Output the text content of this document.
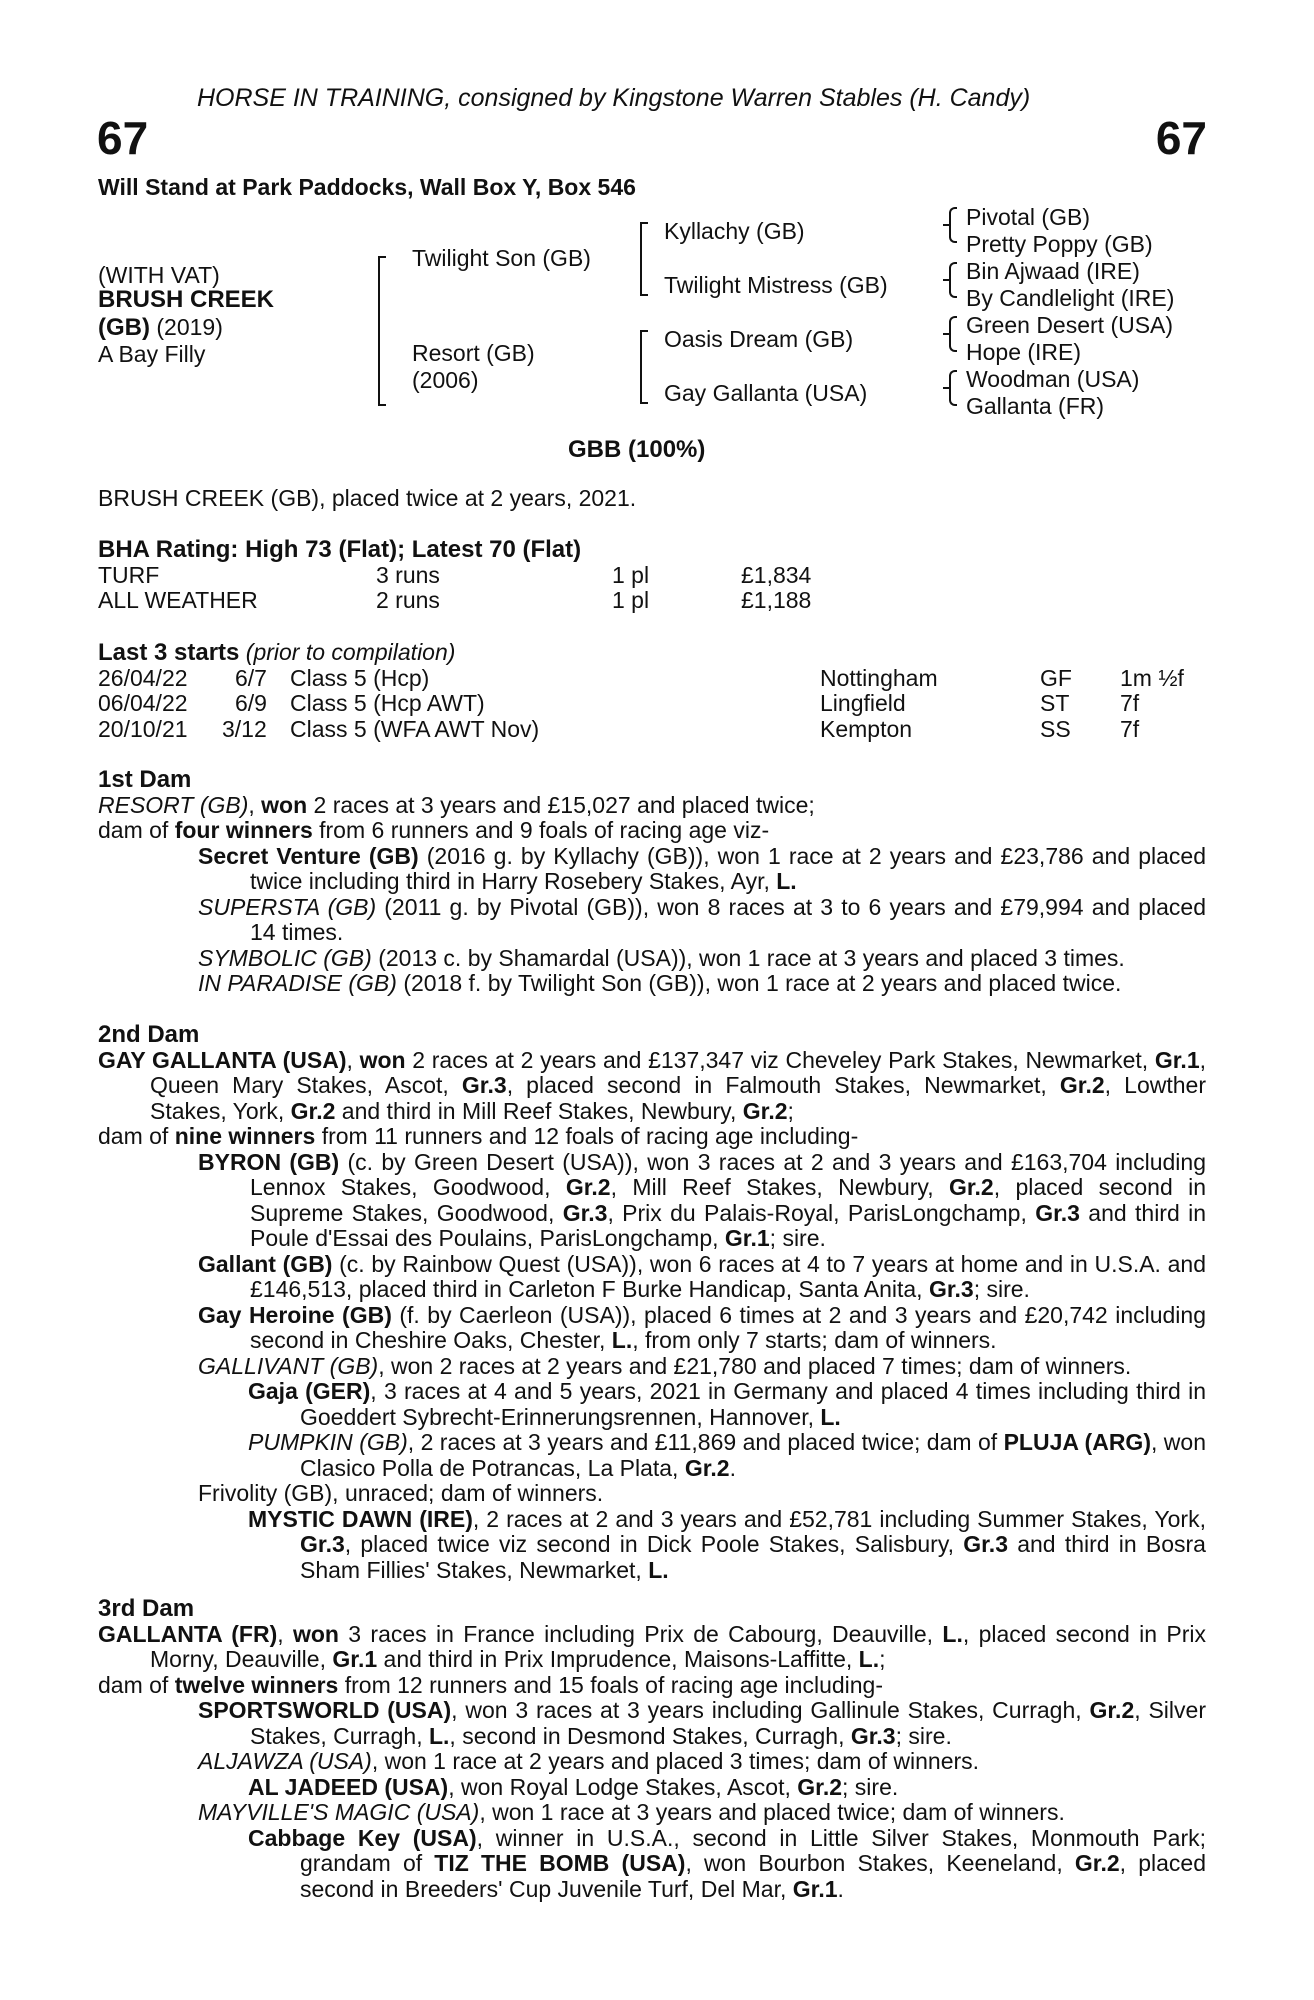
HORSE IN TRAINING, consigned by Kingstone Warren Stables (H. Candy)
67	67
Will Stand at Park Paddocks, Wall Box Y, Box 546
(WITH VAT)
BRUSH CREEK
(GB) (2019)
A Bay Filly
Twilight Son (GB)
Resort (GB)
(2006)
Kyllachy (GB)
Twilight Mistress (GB)
Oasis Dream (GB)
Gay Gallanta (USA)
Pivotal (GB)
Pretty Poppy (GB)
Bin Ajwaad (IRE)
By Candlelight (IRE)
Green Desert (USA)
Hope (IRE)
Woodman (USA)
Gallanta (FR)
GBB (100%)
BRUSH CREEK (GB), placed twice at 2 years, 2021.
BHA Rating: High 73 (Flat); Latest 70 (Flat)
TURF	3 runs	1 pl	£1,834
ALL WEATHER	2 runs	1 pl	£1,188
Last 3 starts (prior to compilation)
26/04/22 6/7 Class 5 (Hcp)	Nottingham	GF 1m ½f
06/04/22 6/9 Class 5 (Hcp AWT)	Lingfield	ST 7f
20/10/21 3/12 Class 5 (WFA AWT Nov)	Kempton	SS 7f
1st Dam

RESORT (GB), won 2 races at 3 years and £15,027 and placed twice;

dam of four winners from 6 runners and 9 foals of racing age viz-

Secret Venture (GB) (2016 g. by Kyllachy (GB)), won 1 race at 2 years and £23,786 and placed twice including third in Harry Rosebery Stakes, Ayr, L.

SUPERSTA (GB) (2011 g. by Pivotal (GB)), won 8 races at 3 to 6 years and £79,994 and placed 14 times.

SYMBOLIC (GB) (2013 c. by Shamardal (USA)), won 1 race at 3 years and placed 3 times.

IN PARADISE (GB) (2018 f. by Twilight Son (GB)), won 1 race at 2 years and placed twice.

2nd Dam

GAY GALLANTA (USA), won 2 races at 2 years and £137,347 viz Cheveley Park Stakes, Newmarket, Gr.1, Queen Mary Stakes, Ascot, Gr.3, placed second in Falmouth Stakes, Newmarket, Gr.2, Lowther Stakes, York, Gr.2 and third in Mill Reef Stakes, Newbury, Gr.2;

dam of nine winners from 11 runners and 12 foals of racing age including-

BYRON (GB) (c. by Green Desert (USA)), won 3 races at 2 and 3 years and £163,704 including Lennox Stakes, Goodwood, Gr.2, Mill Reef Stakes, Newbury, Gr.2, placed second in Supreme Stakes, Goodwood, Gr.3, Prix du Palais-Royal, ParisLongchamp, Gr.3 and third in Poule d'Essai des Poulains, ParisLongchamp, Gr.1; sire.

Gallant (GB) (c. by Rainbow Quest (USA)), won 6 races at 4 to 7 years at home and in U.S.A. and £146,513, placed third in Carleton F Burke Handicap, Santa Anita, Gr.3; sire.

Gay Heroine (GB) (f. by Caerleon (USA)), placed 6 times at 2 and 3 years and £20,742 including second in Cheshire Oaks, Chester, L., from only 7 starts; dam of winners.

GALLIVANT (GB), won 2 races at 2 years and £21,780 and placed 7 times; dam of winners.

Gaja (GER), 3 races at 4 and 5 years, 2021 in Germany and placed 4 times including third in Goeddert Sybrecht-Erinnerungsrennen, Hannover, L.

PUMPKIN (GB), 2 races at 3 years and £11,869 and placed twice; dam of PLUJA (ARG), won Clasico Polla de Potrancas, La Plata, Gr.2.

Frivolity (GB), unraced; dam of winners.

MYSTIC DAWN (IRE), 2 races at 2 and 3 years and £52,781 including Summer Stakes, York, Gr.3, placed twice viz second in Dick Poole Stakes, Salisbury, Gr.3 and third in Bosra Sham Fillies' Stakes, Newmarket, L.

3rd Dam

GALLANTA (FR), won 3 races in France including Prix de Cabourg, Deauville, L., placed second in Prix Morny, Deauville, Gr.1 and third in Prix Imprudence, Maisons-Laffitte, L.;

dam of twelve winners from 12 runners and 15 foals of racing age including-

SPORTSWORLD (USA), won 3 races at 3 years including Gallinule Stakes, Curragh, Gr.2, Silver Stakes, Curragh, L., second in Desmond Stakes, Curragh, Gr.3; sire.

ALJAWZA (USA), won 1 race at 2 years and placed 3 times; dam of winners.

AL JADEED (USA), won Royal Lodge Stakes, Ascot, Gr.2; sire.

MAYVILLE'S MAGIC (USA), won 1 race at 3 years and placed twice; dam of winners.

Cabbage Key (USA), winner in U.S.A., second in Little Silver Stakes, Monmouth Park; grandam of TIZ THE BOMB (USA), won Bourbon Stakes, Keeneland, Gr.2, placed second in Breeders' Cup Juvenile Turf, Del Mar, Gr.1.
